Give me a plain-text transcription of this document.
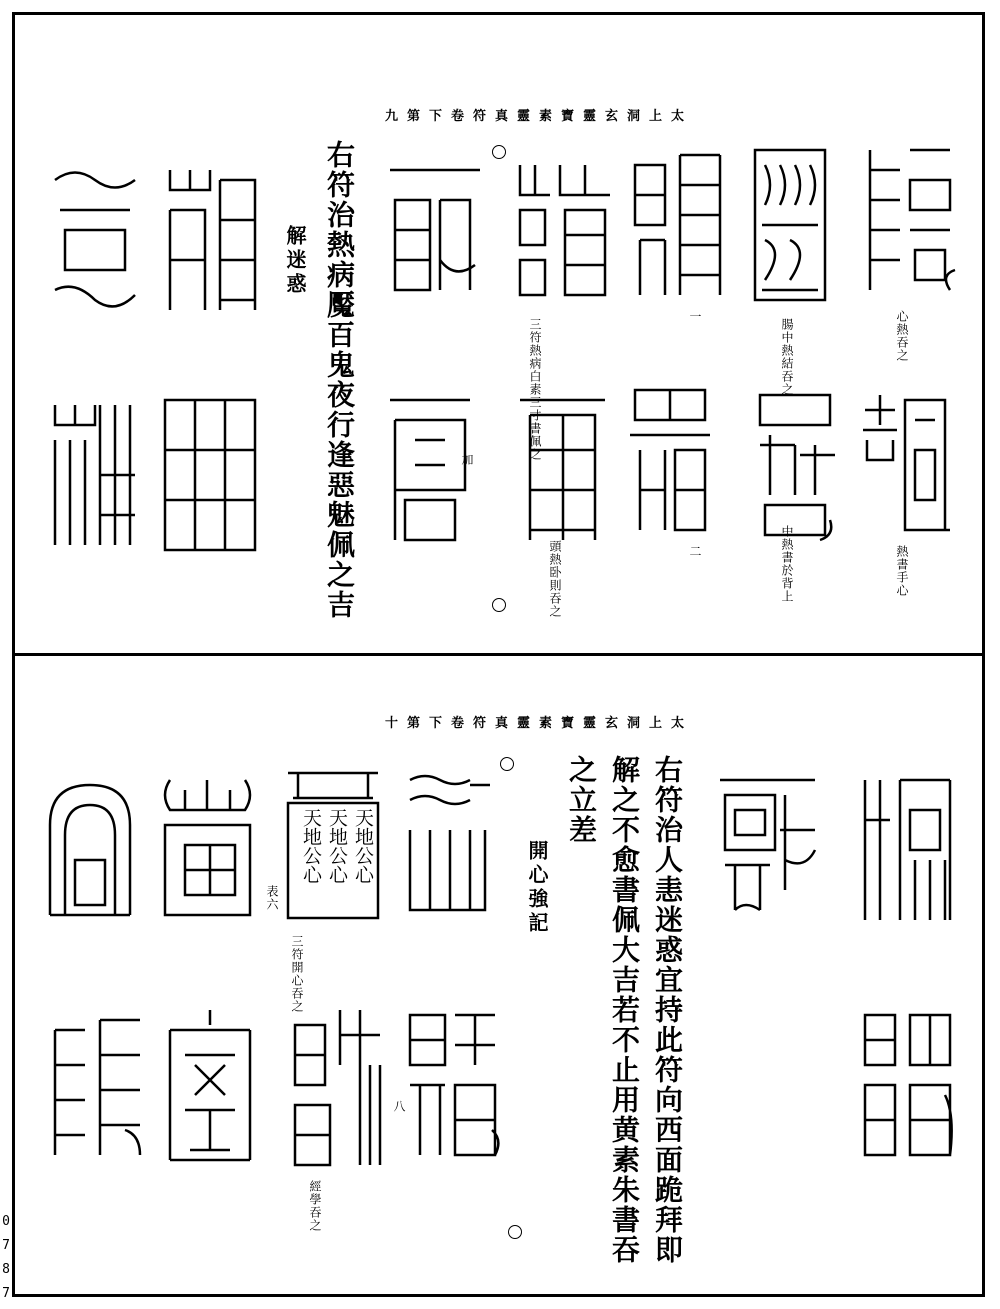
太上洞玄靈寶素靈真符卷下第九
右符治熱病魘百鬼夜行逢惡魅佩之吉
解迷惑
熱書手心
心熱吞之
中熱書於背上
腸中熱結吞之
三符熱病白素三寸書佩之
頭熱卧則吞之	二
一
加
太上洞玄靈寶素靈真符卷下第十
右符治人恚迷惑宜持此符向西面跪拜即
解之不愈書佩大吉若不止用黄素朱書吞
之立差
開心強記
三符開心吞之
表六
經學吞之
八
天地公心
天地公心
天地公心
0
7
8
7
